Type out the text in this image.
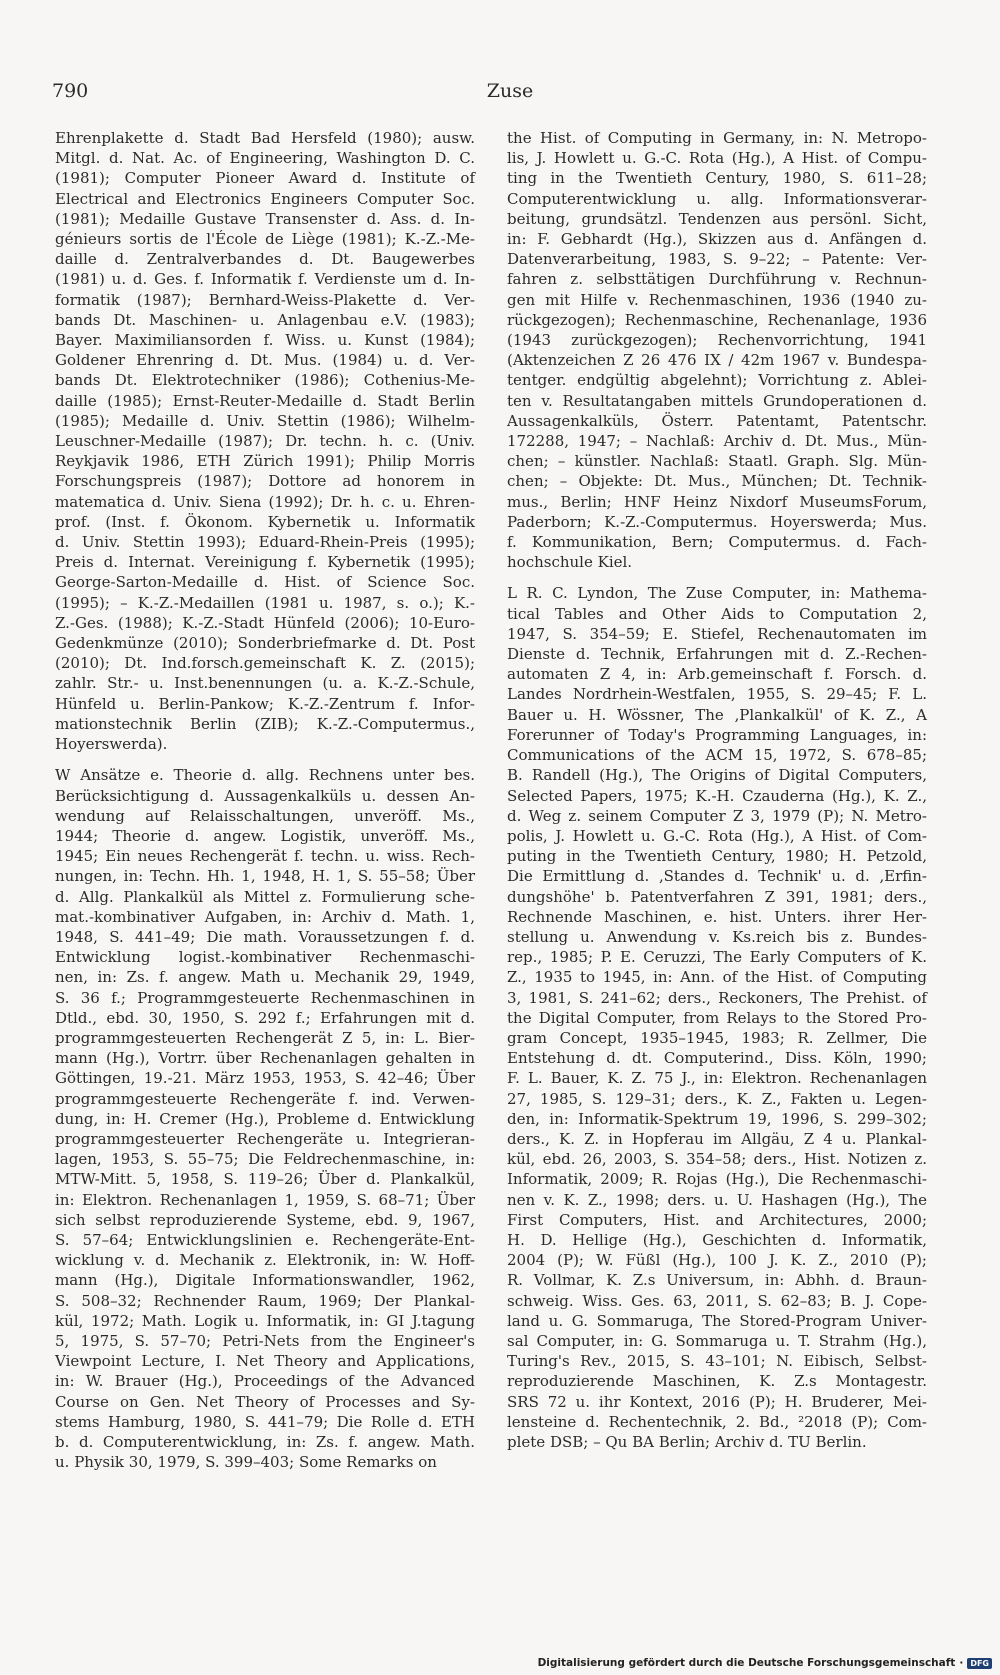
790	Zuse
Ehrenplakette d. Stadt Bad Hersfeld (1980); ausw.
Mitgl. d. Nat. Ac. of Engineering, Washington D. C.
(1981); Computer Pioneer Award d. Institute of
Electrical and Electronics Engineers Computer Soc.
(1981); Medaille Gustave Transenster d. Ass. d. In-
génieurs sortis de l'École de Liège (1981); K.-Z.-Me-
daille d. Zentralverbandes d. Dt. Baugewerbes
(1981) u. d. Ges. f. Informatik f. Verdienste um d. In-
formatik (1987); Bernhard-Weiss-Plakette d. Ver-
bands Dt. Maschinen- u. Anlagenbau e.V. (1983);
Bayer. Maximiliansorden f. Wiss. u. Kunst (1984);
Goldener Ehrenring d. Dt. Mus. (1984) u. d. Ver-
bands Dt. Elektrotechniker (1986); Cothenius-Me-
daille (1985); Ernst-Reuter-Medaille d. Stadt Berlin
(1985); Medaille d. Univ. Stettin (1986); Wilhelm-
Leuschner-Medaille (1987); Dr. techn. h. c. (Univ.
Reykjavik 1986, ETH Zürich 1991); Philip Morris
Forschungspreis (1987); Dottore ad honorem in
matematica d. Univ. Siena (1992); Dr. h. c. u. Ehren-
prof. (Inst. f. Ökonom. Kybernetik u. Informatik
d. Univ. Stettin 1993); Eduard-Rhein-Preis (1995);
Preis d. Internat. Vereinigung f. Kybernetik (1995);
George-Sarton-Medaille d. Hist. of Science Soc.
(1995); – K.-Z.-Medaillen (1981 u. 1987, s. o.); K.-
Z.-Ges. (1988); K.-Z.-Stadt Hünfeld (2006); 10-Euro-
Gedenkmünze (2010); Sonderbriefmarke d. Dt. Post
(2010); Dt. Ind.forsch.gemeinschaft K. Z. (2015);
zahlr. Str.- u. Inst.benennungen (u. a. K.-Z.-Schule,
Hünfeld u. Berlin-Pankow; K.-Z.-Zentrum f. Infor-
mationstechnik Berlin (ZIB); K.-Z.-Computermus.,
Hoyerswerda).
W Ansätze e. Theorie d. allg. Rechnens unter bes.
Berücksichtigung d. Aussagenkalküls u. dessen An-
wendung auf Relaisschaltungen, unveröff. Ms.,
1944; Theorie d. angew. Logistik, unveröff. Ms.,
1945; Ein neues Rechengerät f. techn. u. wiss. Rech-
nungen, in: Techn. Hh. 1, 1948, H. 1, S. 55–58; Über
d. Allg. Plankalkül als Mittel z. Formulierung sche-
mat.-kombinativer Aufgaben, in: Archiv d. Math. 1,
1948, S. 441–49; Die math. Voraussetzungen f. d.
Entwicklung logist.-kombinativer Rechenmaschi-
nen, in: Zs. f. angew. Math u. Mechanik 29, 1949,
S. 36 f.; Programmgesteuerte Rechenmaschinen in
Dtld., ebd. 30, 1950, S. 292 f.; Erfahrungen mit d.
programmgesteuerten Rechengerät Z 5, in: L. Bier-
mann (Hg.), Vortrr. über Rechenanlagen gehalten in
Göttingen, 19.-21. März 1953, 1953, S. 42–46; Über
programmgesteuerte Rechengeräte f. ind. Verwen-
dung, in: H. Cremer (Hg.), Probleme d. Entwicklung
programmgesteuerter Rechengeräte u. Integrieran-
lagen, 1953, S. 55–75; Die Feldrechenmaschine, in:
MTW-Mitt. 5, 1958, S. 119–26; Über d. Plankalkül,
in: Elektron. Rechenanlagen 1, 1959, S. 68–71; Über
sich selbst reproduzierende Systeme, ebd. 9, 1967,
S. 57–64; Entwicklungslinien e. Rechengeräte-Ent-
wicklung v. d. Mechanik z. Elektronik, in: W. Hoff-
mann (Hg.), Digitale Informationswandler, 1962,
S. 508–32; Rechnender Raum, 1969; Der Plankal-
kül, 1972; Math. Logik u. Informatik, in: GI J.tagung
5, 1975, S. 57–70; Petri-Nets from the Engineer's
Viewpoint Lecture, I. Net Theory and Applications,
in: W. Brauer (Hg.), Proceedings of the Advanced
Course on Gen. Net Theory of Processes and Sy-
stems Hamburg, 1980, S. 441–79; Die Rolle d. ETH
b. d. Computerentwicklung, in: Zs. f. angew. Math.
u. Physik 30, 1979, S. 399–403; Some Remarks on
the Hist. of Computing in Germany, in: N. Metropo-
lis, J. Howlett u. G.-C. Rota (Hg.), A Hist. of Compu-
ting in the Twentieth Century, 1980, S. 611–28;
Computerentwicklung u. allg. Informationsverar-
beitung, grundsätzl. Tendenzen aus persönl. Sicht,
in: F. Gebhardt (Hg.), Skizzen aus d. Anfängen d.
Datenverarbeitung, 1983, S. 9–22; – Patente: Ver-
fahren z. selbsttätigen Durchführung v. Rechnun-
gen mit Hilfe v. Rechenmaschinen, 1936 (1940 zu-
rückgezogen); Rechenmaschine, Rechenanlage, 1936
(1943 zurückgezogen); Rechenvorrichtung, 1941
(Aktenzeichen Z 26 476 IX / 42m 1967 v. Bundespa-
tentger. endgültig abgelehnt); Vorrichtung z. Ablei-
ten v. Resultatangaben mittels Grundoperationen d.
Aussagenkalküls, Österr. Patentamt, Patentschr.
172288, 1947; – Nachlaß: Archiv d. Dt. Mus., Mün-
chen; – künstler. Nachlaß: Staatl. Graph. Slg. Mün-
chen; – Objekte: Dt. Mus., München; Dt. Technik-
mus., Berlin; HNF Heinz Nixdorf MuseumsForum,
Paderborn; K.-Z.-Computermus. Hoyerswerda; Mus.
f. Kommunikation, Bern; Computermus. d. Fach-
hochschule Kiel.
L R. C. Lyndon, The Zuse Computer, in: Mathema-
tical Tables and Other Aids to Computation 2,
1947, S. 354–59; E. Stiefel, Rechenautomaten im
Dienste d. Technik, Erfahrungen mit d. Z.-Rechen-
automaten Z 4, in: Arb.gemeinschaft f. Forsch. d.
Landes Nordrhein-Westfalen, 1955, S. 29–45; F. L.
Bauer u. H. Wössner, The ‚Plankalkül' of K. Z., A
Forerunner of Today's Programming Languages, in:
Communications of the ACM 15, 1972, S. 678–85;
B. Randell (Hg.), The Origins of Digital Computers,
Selected Papers, 1975; K.-H. Czauderna (Hg.), K. Z.,
d. Weg z. seinem Computer Z 3, 1979 (P); N. Metro-
polis, J. Howlett u. G.-C. Rota (Hg.), A Hist. of Com-
puting in the Twentieth Century, 1980; H. Petzold,
Die Ermittlung d. ‚Standes d. Technik' u. d. ‚Erfin-
dungshöhe' b. Patentverfahren Z 391, 1981; ders.,
Rechnende Maschinen, e. hist. Unters. ihrer Her-
stellung u. Anwendung v. Ks.reich bis z. Bundes-
rep., 1985; P. E. Ceruzzi, The Early Computers of K.
Z., 1935 to 1945, in: Ann. of the Hist. of Computing
3, 1981, S. 241–62; ders., Reckoners, The Prehist. of
the Digital Computer, from Relays to the Stored Pro-
gram Concept, 1935–1945, 1983; R. Zellmer, Die
Entstehung d. dt. Computerind., Diss. Köln, 1990;
F. L. Bauer, K. Z. 75 J., in: Elektron. Rechenanlagen
27, 1985, S. 129–31; ders., K. Z., Fakten u. Legen-
den, in: Informatik-Spektrum 19, 1996, S. 299–302;
ders., K. Z. in Hopferau im Allgäu, Z 4 u. Plankal-
kül, ebd. 26, 2003, S. 354–58; ders., Hist. Notizen z.
Informatik, 2009; R. Rojas (Hg.), Die Rechenmaschi-
nen v. K. Z., 1998; ders. u. U. Hashagen (Hg.), The
First Computers, Hist. and Architectures, 2000;
H. D. Hellige (Hg.), Geschichten d. Informatik,
2004 (P); W. Füßl (Hg.), 100 J. K. Z., 2010 (P);
R. Vollmar, K. Z.s Universum, in: Abhh. d. Braun-
schweig. Wiss. Ges. 63, 2011, S. 62–83; B. J. Cope-
land u. G. Sommaruga, The Stored-Program Univer-
sal Computer, in: G. Sommaruga u. T. Strahm (Hg.),
Turing's Rev., 2015, S. 43–101; N. Eibisch, Selbst-
reproduzierende Maschinen, K. Z.s Montagestr.
SRS 72 u. ihr Kontext, 2016 (P); H. Bruderer, Mei-
lensteine d. Rechentechnik, 2. Bd., ²2018 (P); Com-
plete DSB; – Qu BA Berlin; Archiv d. TU Berlin.
Digitalisierung gefördert durch die Deutsche Forschungsgemeinschaft · DFG
